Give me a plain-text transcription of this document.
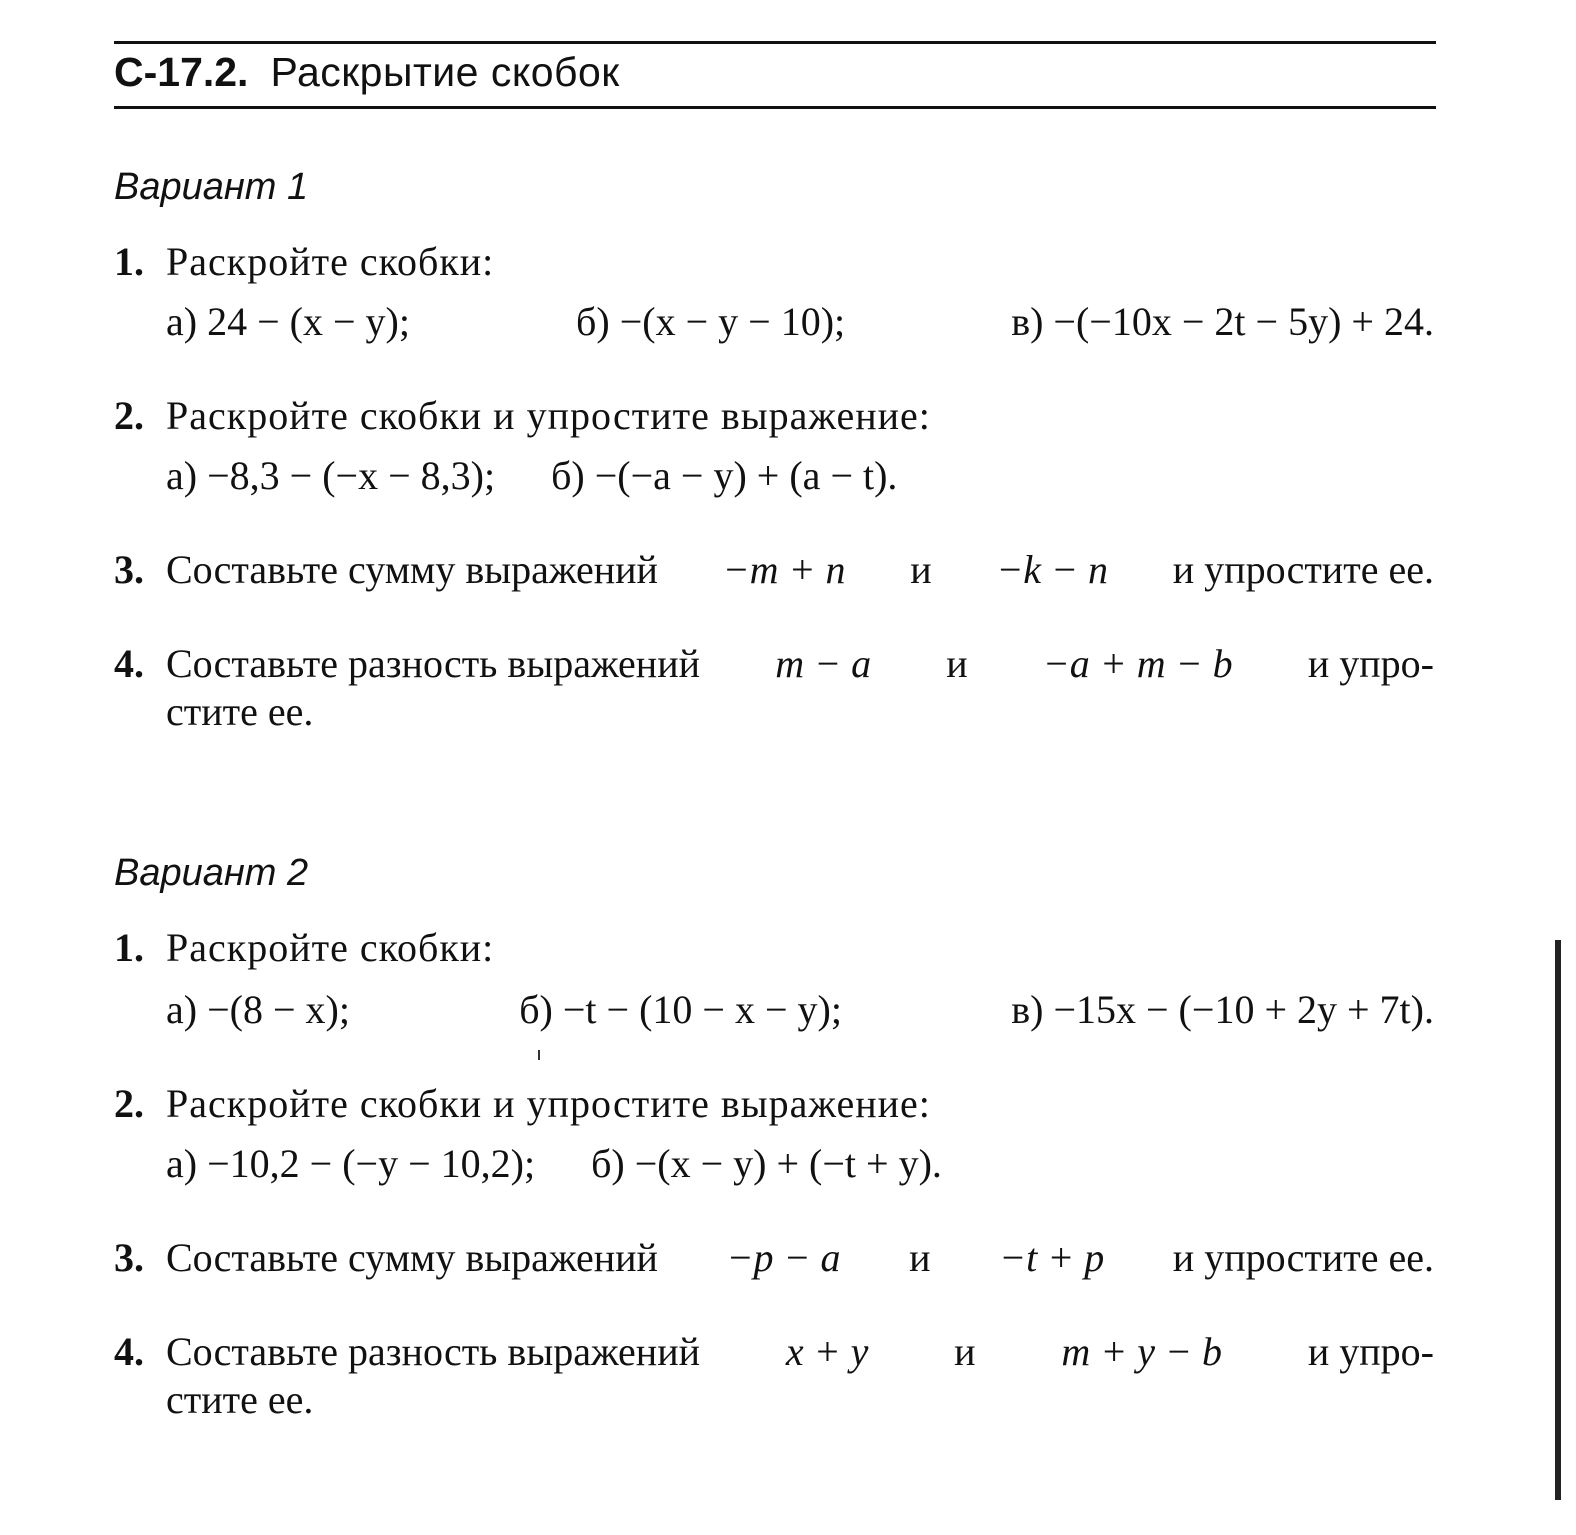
С-17.2. Раскрытие скобок
Вариант 1
1. Раскройте скобки:
а) 24 − (x − y);	б) −(x − y − 10);	в) −(−10x − 2t − 5y) + 24.
2. Раскройте скобки и упростите выражение:
а) −8,3 − (−x − 8,3); б) −(−a − y) + (a − t).
3. Составьте сумму выражений −m + n и −k − n и упростите ее.
4. Составьте разность выражений m − a и −a + m − b и упро-
стите ее.
Вариант 2
1. Раскройте скобки:
а) −(8 − x);	б) −t − (10 − x − y);	в) −15x − (−10 + 2y + 7t).
2. Раскройте скобки и упростите выражение:
а) −10,2 − (−y − 10,2); б) −(x − y) + (−t + y).
3. Составьте сумму выражений −p − a и −t + p и упростите ее.
4. Составьте разность выражений x + y и m + y − b и упро-
стите ее.
